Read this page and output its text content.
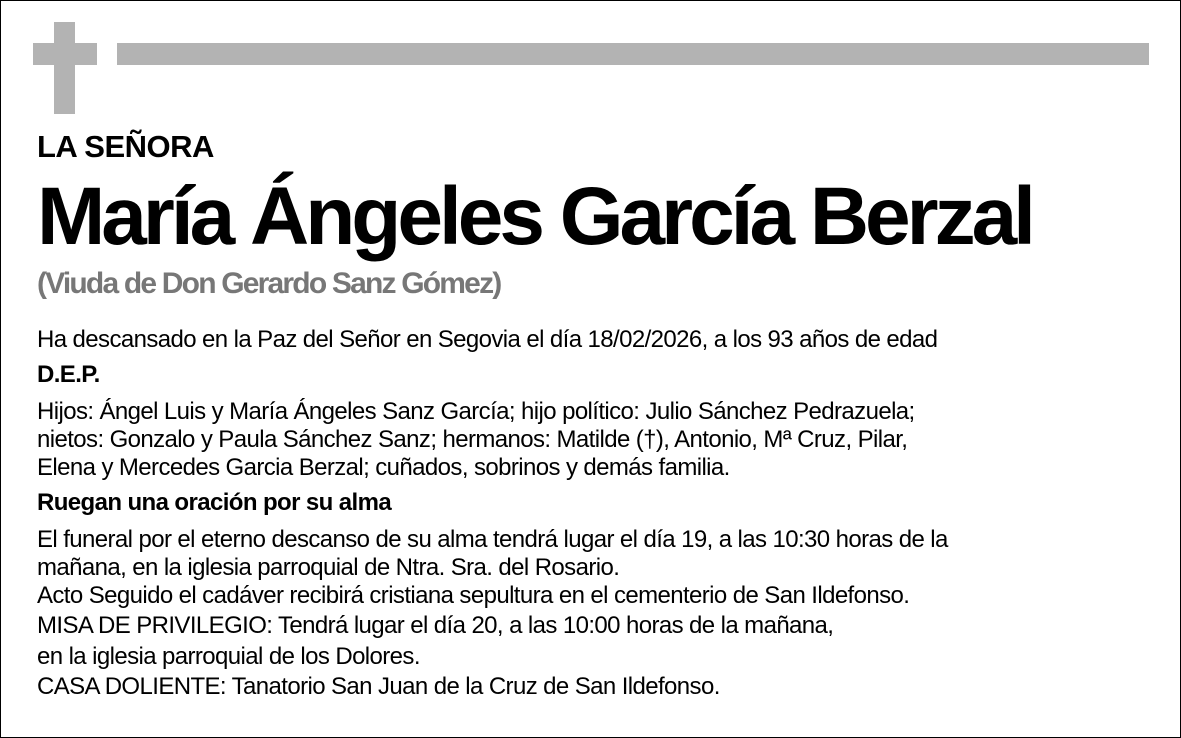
LA SEÑORA
María Ángeles García Berzal
(Viuda de Don Gerardo Sanz Gómez)
Ha descansado en la Paz del Señor en Segovia el día 18/02/2026, a los 93 años de edad
D.E.P.
Hijos: Ángel Luis y María Ángeles Sanz García; hijo político: Julio Sánchez Pedrazuela;
nietos: Gonzalo y Paula Sánchez Sanz; hermanos: Matilde (†), Antonio, Mª Cruz, Pilar,
Elena y Mercedes Garcia Berzal; cuñados, sobrinos y demás familia.
Ruegan una oración por su alma
El funeral por el eterno descanso de su alma tendrá lugar el día 19, a las 10:30 horas de la
mañana, en la iglesia parroquial de Ntra. Sra. del Rosario.
Acto Seguido el cadáver recibirá cristiana sepultura en el cementerio de San Ildefonso.
MISA DE PRIVILEGIO: Tendrá lugar el día 20, a las 10:00 horas de la mañana,
en la iglesia parroquial de los Dolores.
CASA DOLIENTE: Tanatorio San Juan de la Cruz de San Ildefonso.
